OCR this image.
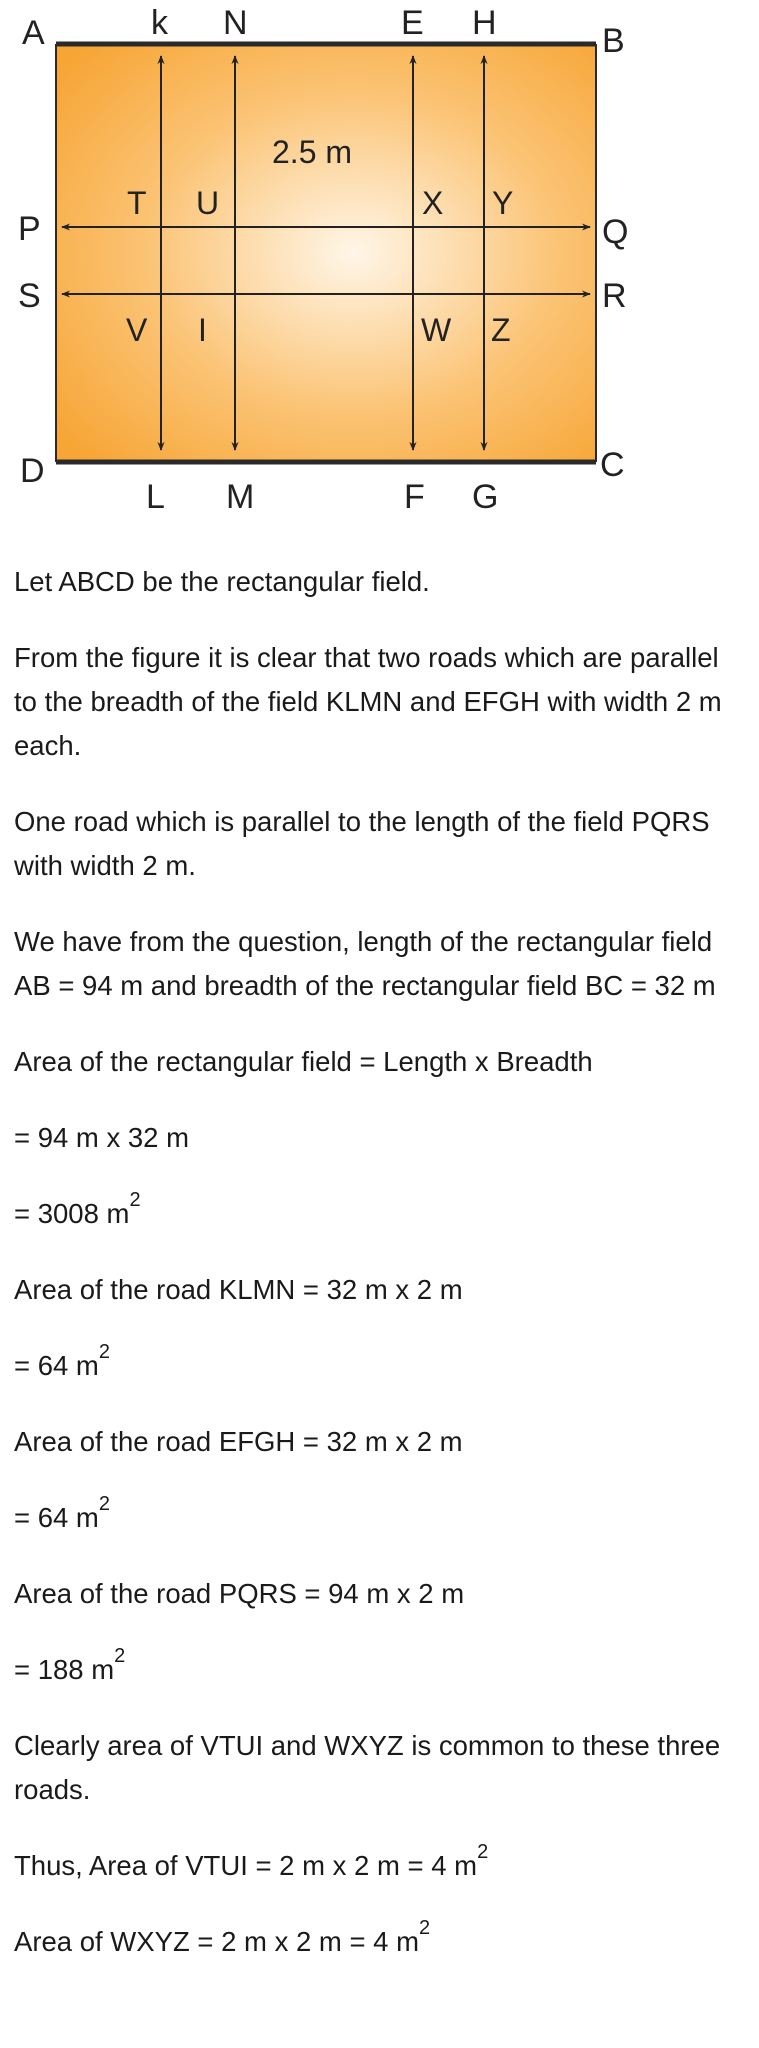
A	B
C
D
k N	E H
L M	F G
P
S
Q
R
T U	X Y
V I	W Z
2.5 m

Let ABCD be the rectangular field.

From the figure it is clear that two roads which are parallel to the breadth of the field KLMN and EFGH with width 2 m each.

One road which is parallel to the length of the field PQRS with width 2 m.

We have from the question, length of the rectangular field AB = 94 m and breadth of the rectangular field BC = 32 m

Area of the rectangular field = Length x Breadth

= 94 m x 32 m

= 3008 $m^2$

Area of the road KLMN = 32 m x 2 m

= 64 $m^2$

Area of the road EFGH = 32 m x 2 m

= 64 $m^2$

Area of the road PQRS = 94 m x 2 m

= 188 $m^2$

Clearly area of VTUI and WXYZ is common to these three roads.

Thus, Area of VTUI = 2 m x 2 m = 4 $m^2$

Area of WXYZ = 2 m x 2 m = 4 $m^2$
